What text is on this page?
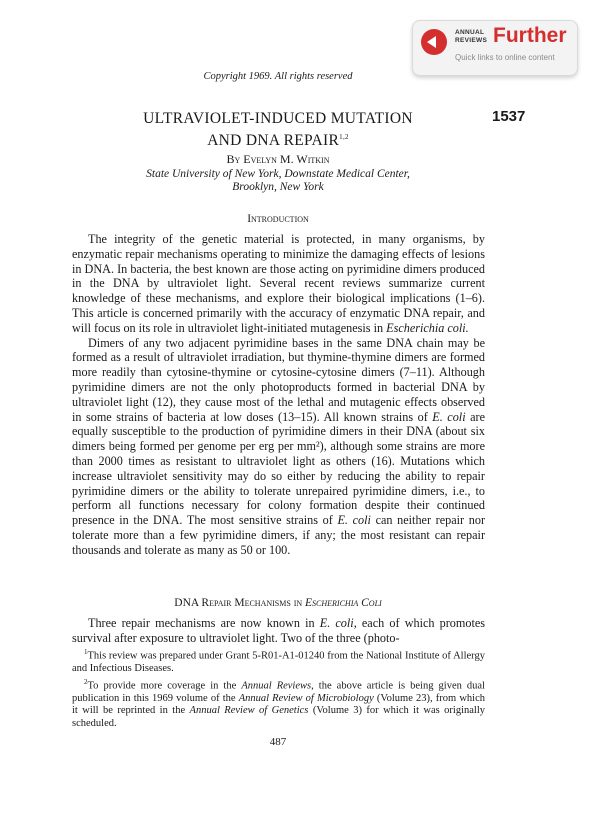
ANNUAL
REVIEWS Further
Quick links to online content
Copyright 1969. All rights reserved
1537
ULTRAVIOLET-INDUCED MUTATION
AND DNA REPAIR$^{1,2}$
By Evelyn M. Witkin
State University of New York, Downstate Medical Center,
Brooklyn, New York
Introduction

The integrity of the genetic material is protected, in many organisms, by enzymatic repair mechanisms operating to minimize the damaging effects of lesions in DNA. In bacteria, the best known are those acting on pyrimidine dimers produced in the DNA by ultraviolet light. Several recent reviews summarize current knowledge of these mechanisms, and explore their biological implications (1–6). This article is concerned primarily with the accuracy of enzymatic DNA repair, and will focus on its role in ultraviolet light-initiated mutagenesis in Escherichia coli.

Dimers of any two adjacent pyrimidine bases in the same DNA chain may be formed as a result of ultraviolet irradiation, but thymine-thymine dimers are formed more readily than cytosine-thymine or cytosine-cytosine dimers (7–11). Although pyrimidine dimers are not the only photoproducts formed in bacterial DNA by ultraviolet light (12), they cause most of the lethal and mutagenic effects observed in some strains of bacteria at low doses (13–15). All known strains of E. coli are equally susceptible to the production of pyrimidine dimers in their DNA (about six dimers being formed per genome per erg per mm²), although some strains are more than 2000 times as resistant to ultraviolet light as others (16). Mutations which increase ultraviolet sensitivity may do so either by reducing the ability to repair pyrimidine dimers or the ability to tolerate unrepaired pyrimidine dimers, i.e., to perform all functions necessary for colony formation despite their continued presence in the DNA. The most sensitive strains of E. coli can neither repair nor tolerate more than a few pyrimidine dimers, if any; the most resistant can repair thousands and tolerate as many as 50 or 100.

DNA Repair Mechanisms in Escherichia Coli

Three repair mechanisms are now known in E. coli, each of which promotes survival after exposure to ultraviolet light. Two of the three (photo-

$^1$This review was prepared under Grant 5-R01-A1-01240 from the National Institute of Allergy and Infectious Diseases.

$^2$To provide more coverage in the Annual Reviews, the above article is being given dual publication in this 1969 volume of the Annual Review of Microbiology (Volume 23), from which it will be reprinted in the Annual Review of Genetics (Volume 3) for which it was originally scheduled.

487
